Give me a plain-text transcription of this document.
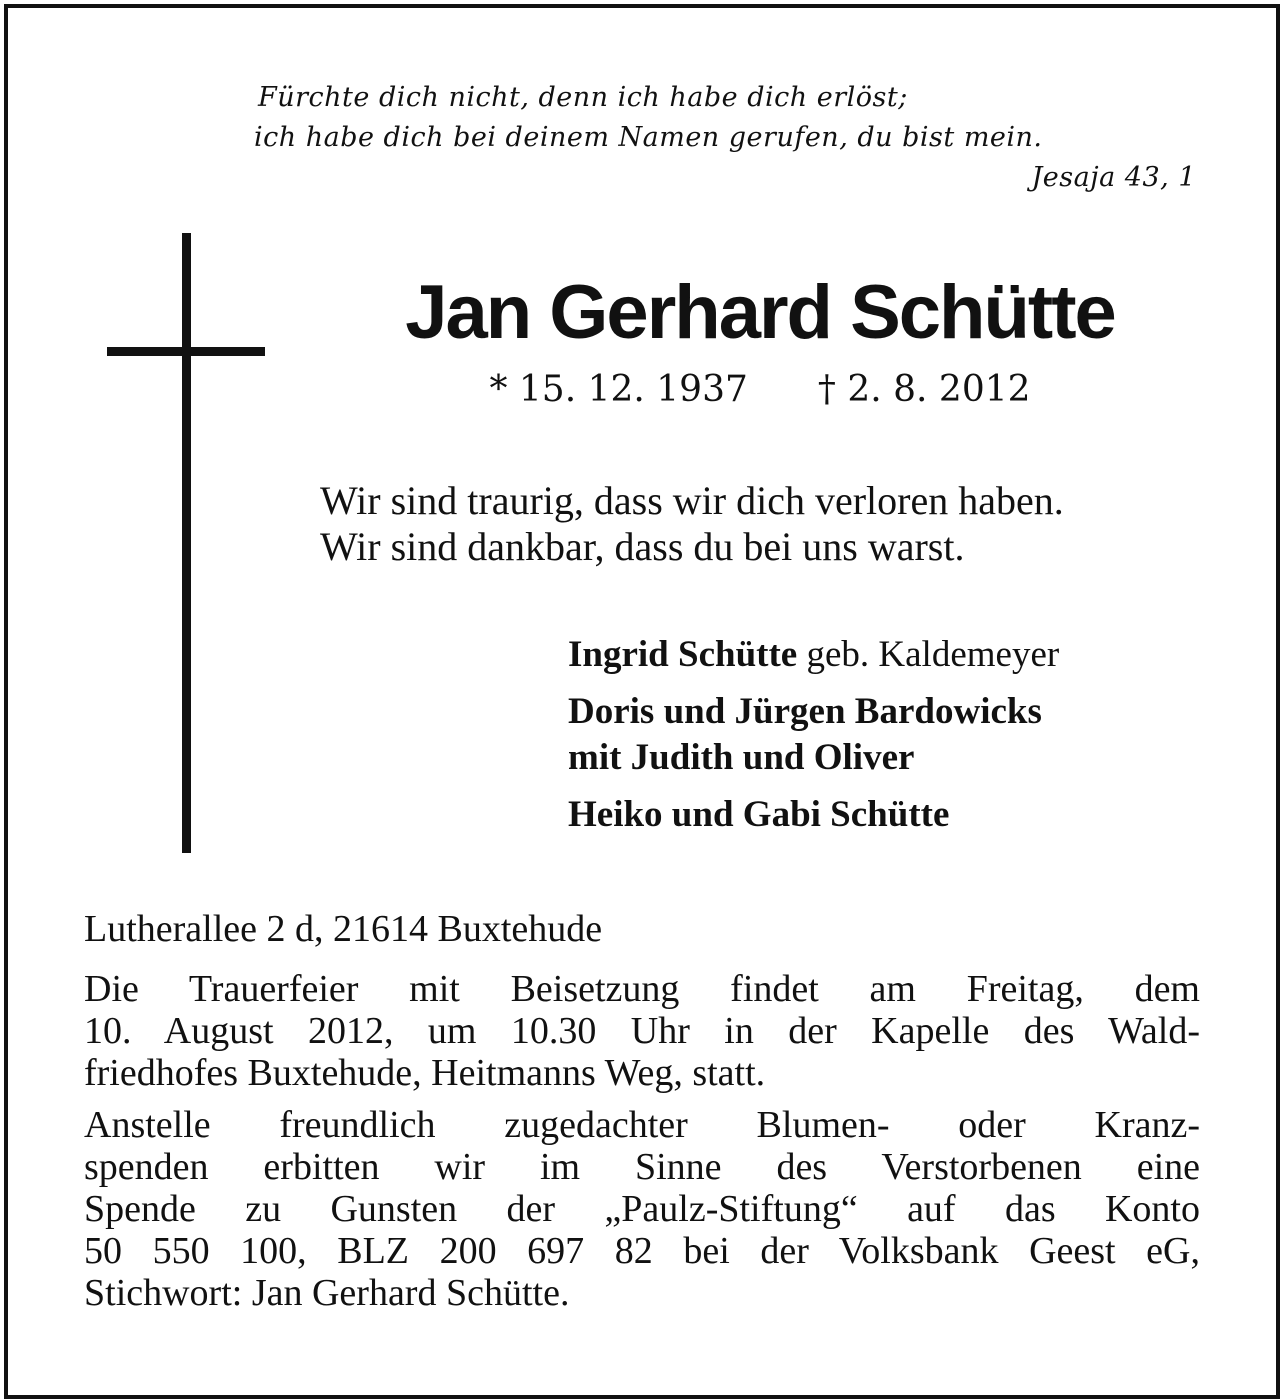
Fürchte dich nicht, denn ich habe dich erlöst;
ich habe dich bei deinem Namen gerufen, du bist mein.
Jesaja 43, 1
Jan Gerhard Schütte
* 15. 12. 1937 † 2. 8. 2012
Wir sind traurig, dass wir dich verloren haben.
Wir sind dankbar, dass du bei uns warst.
Ingrid Schütte geb. Kaldemeyer
Doris und Jürgen Bardowicks
mit Judith und Oliver
Heiko und Gabi Schütte
Lutherallee 2 d, 21614 Buxtehude
Die Trauerfeier mit Beisetzung findet am Freitag, dem
10. August 2012, um 10.30 Uhr in der Kapelle des Wald-
friedhofes Buxtehude, Heitmanns Weg, statt.
Anstelle freundlich zugedachter Blumen- oder Kranz-
spenden erbitten wir im Sinne des Verstorbenen eine
Spende zu Gunsten der „Paulz-Stiftung“ auf das Konto
50 550 100, BLZ 200 697 82 bei der Volksbank Geest eG,
Stichwort: Jan Gerhard Schütte.
